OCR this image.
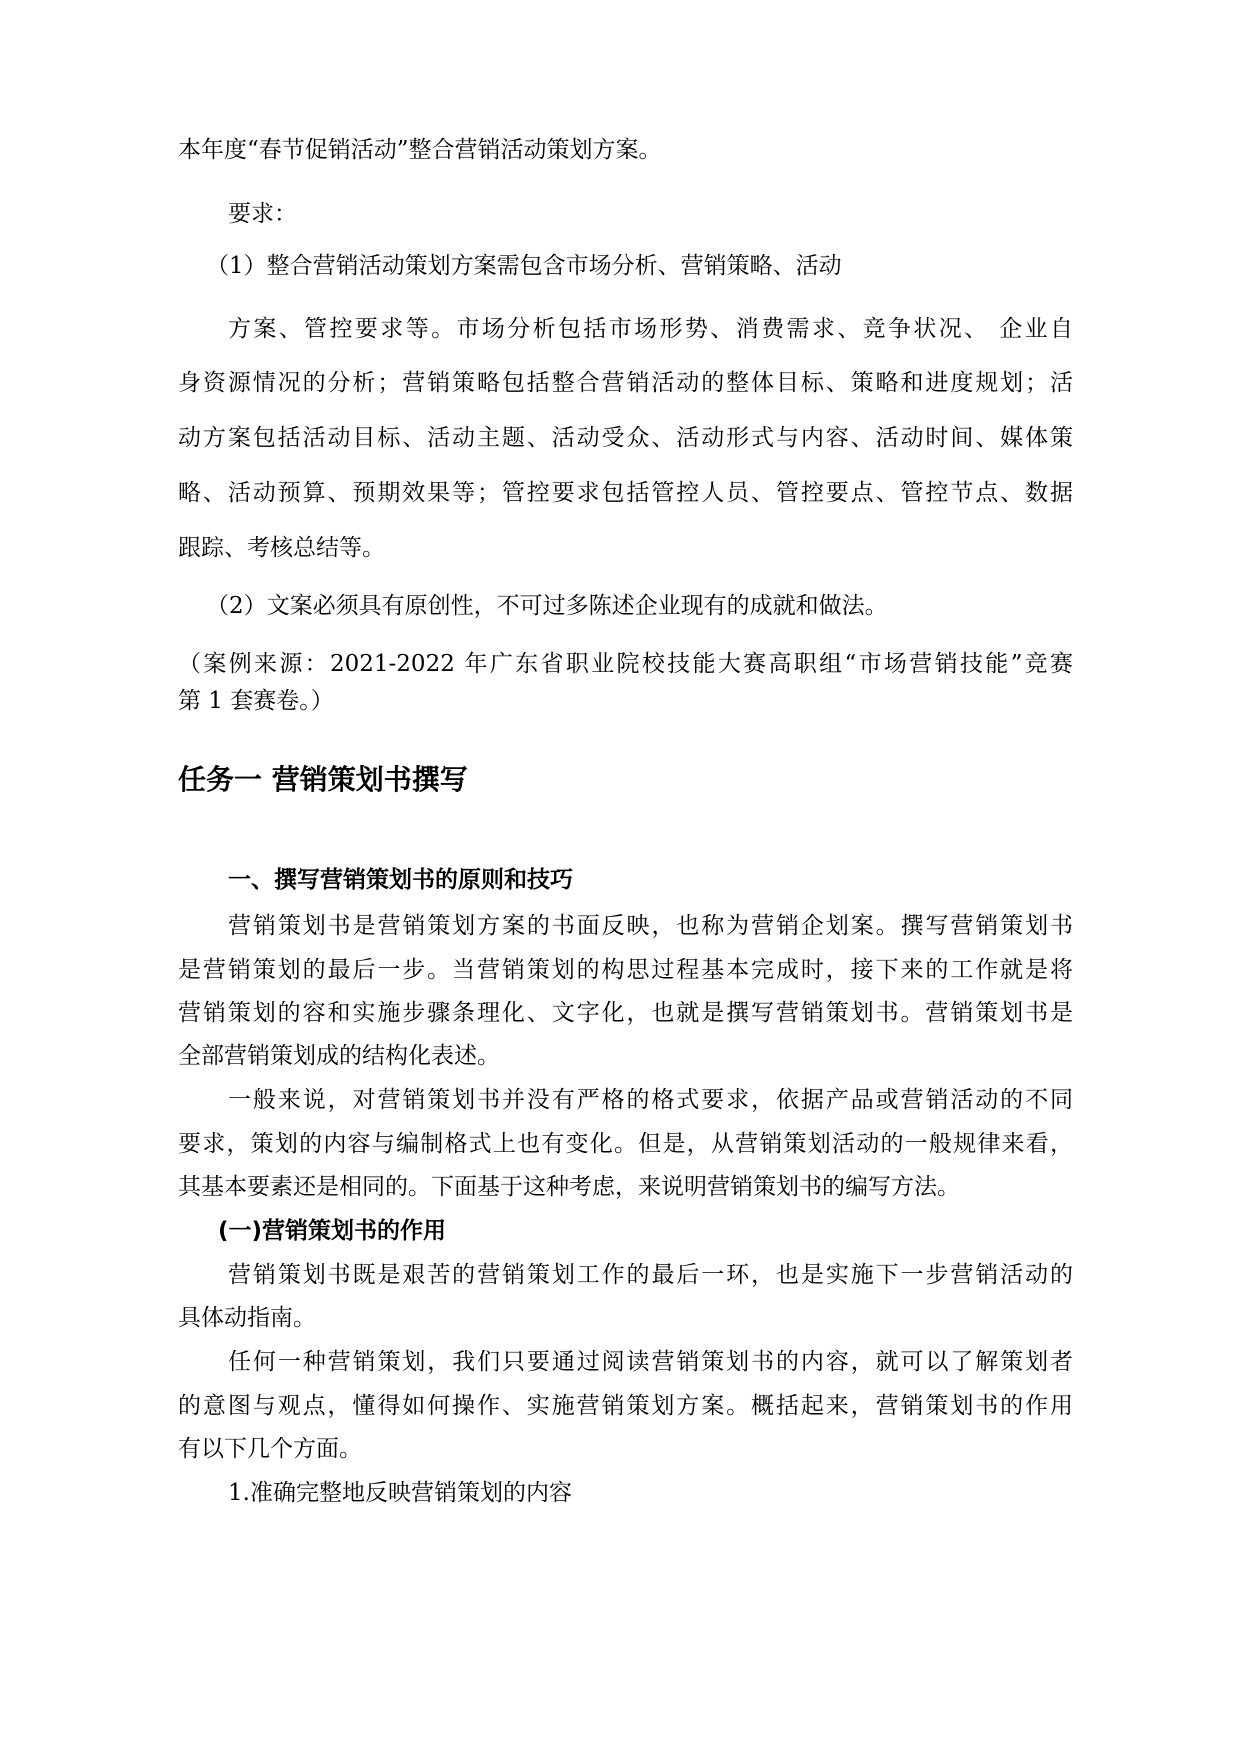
本年度“春节促销活动”整合营销活动策划方案。
要求：
（1）整合营销活动策划方案需包含市场分析、营销策略、活动
方案、管控要求等。市场分析包括市场形势、消费需求、竞争状况、 企业自
身资源情况的分析；营销策略包括整合营销活动的整体目标、策略和进度规划；活
动方案包括活动目标、活动主题、活动受众、活动形式与内容、活动时间、媒体策
略、活动预算、预期效果等；管控要求包括管控人员、管控要点、管控节点、数据
跟踪、考核总结等。
（2）文案必须具有原创性，不可过多陈述企业现有的成就和做法。
（案例来源：2021-2022 年广东省职业院校技能大赛高职组“市场营销技能”竞赛
第 1 套赛卷。）
任务一 营销策划书撰写
一、撰写营销策划书的原则和技巧
营销策划书是营销策划方案的书面反映，也称为营销企划案。撰写营销策划书
是营销策划的最后一步。当营销策划的构思过程基本完成时，接下来的工作就是将
营销策划的容和实施步骤条理化、文字化，也就是撰写营销策划书。营销策划书是
全部营销策划成的结构化表述。
一般来说，对营销策划书并没有严格的格式要求，依据产品或营销活动的不同
要求，策划的内容与编制格式上也有变化。但是，从营销策划活动的一般规律来看，
其基本要素还是相同的。下面基于这种考虑，来说明营销策划书的编写方法。
(一)营销策划书的作用
营销策划书既是艰苦的营销策划工作的最后一环，也是实施下一步营销活动的
具体动指南。
任何一种营销策划，我们只要通过阅读营销策划书的内容，就可以了解策划者
的意图与观点，懂得如何操作、实施营销策划方案。概括起来，营销策划书的作用
有以下几个方面。
1.准确完整地反映营销策划的内容
